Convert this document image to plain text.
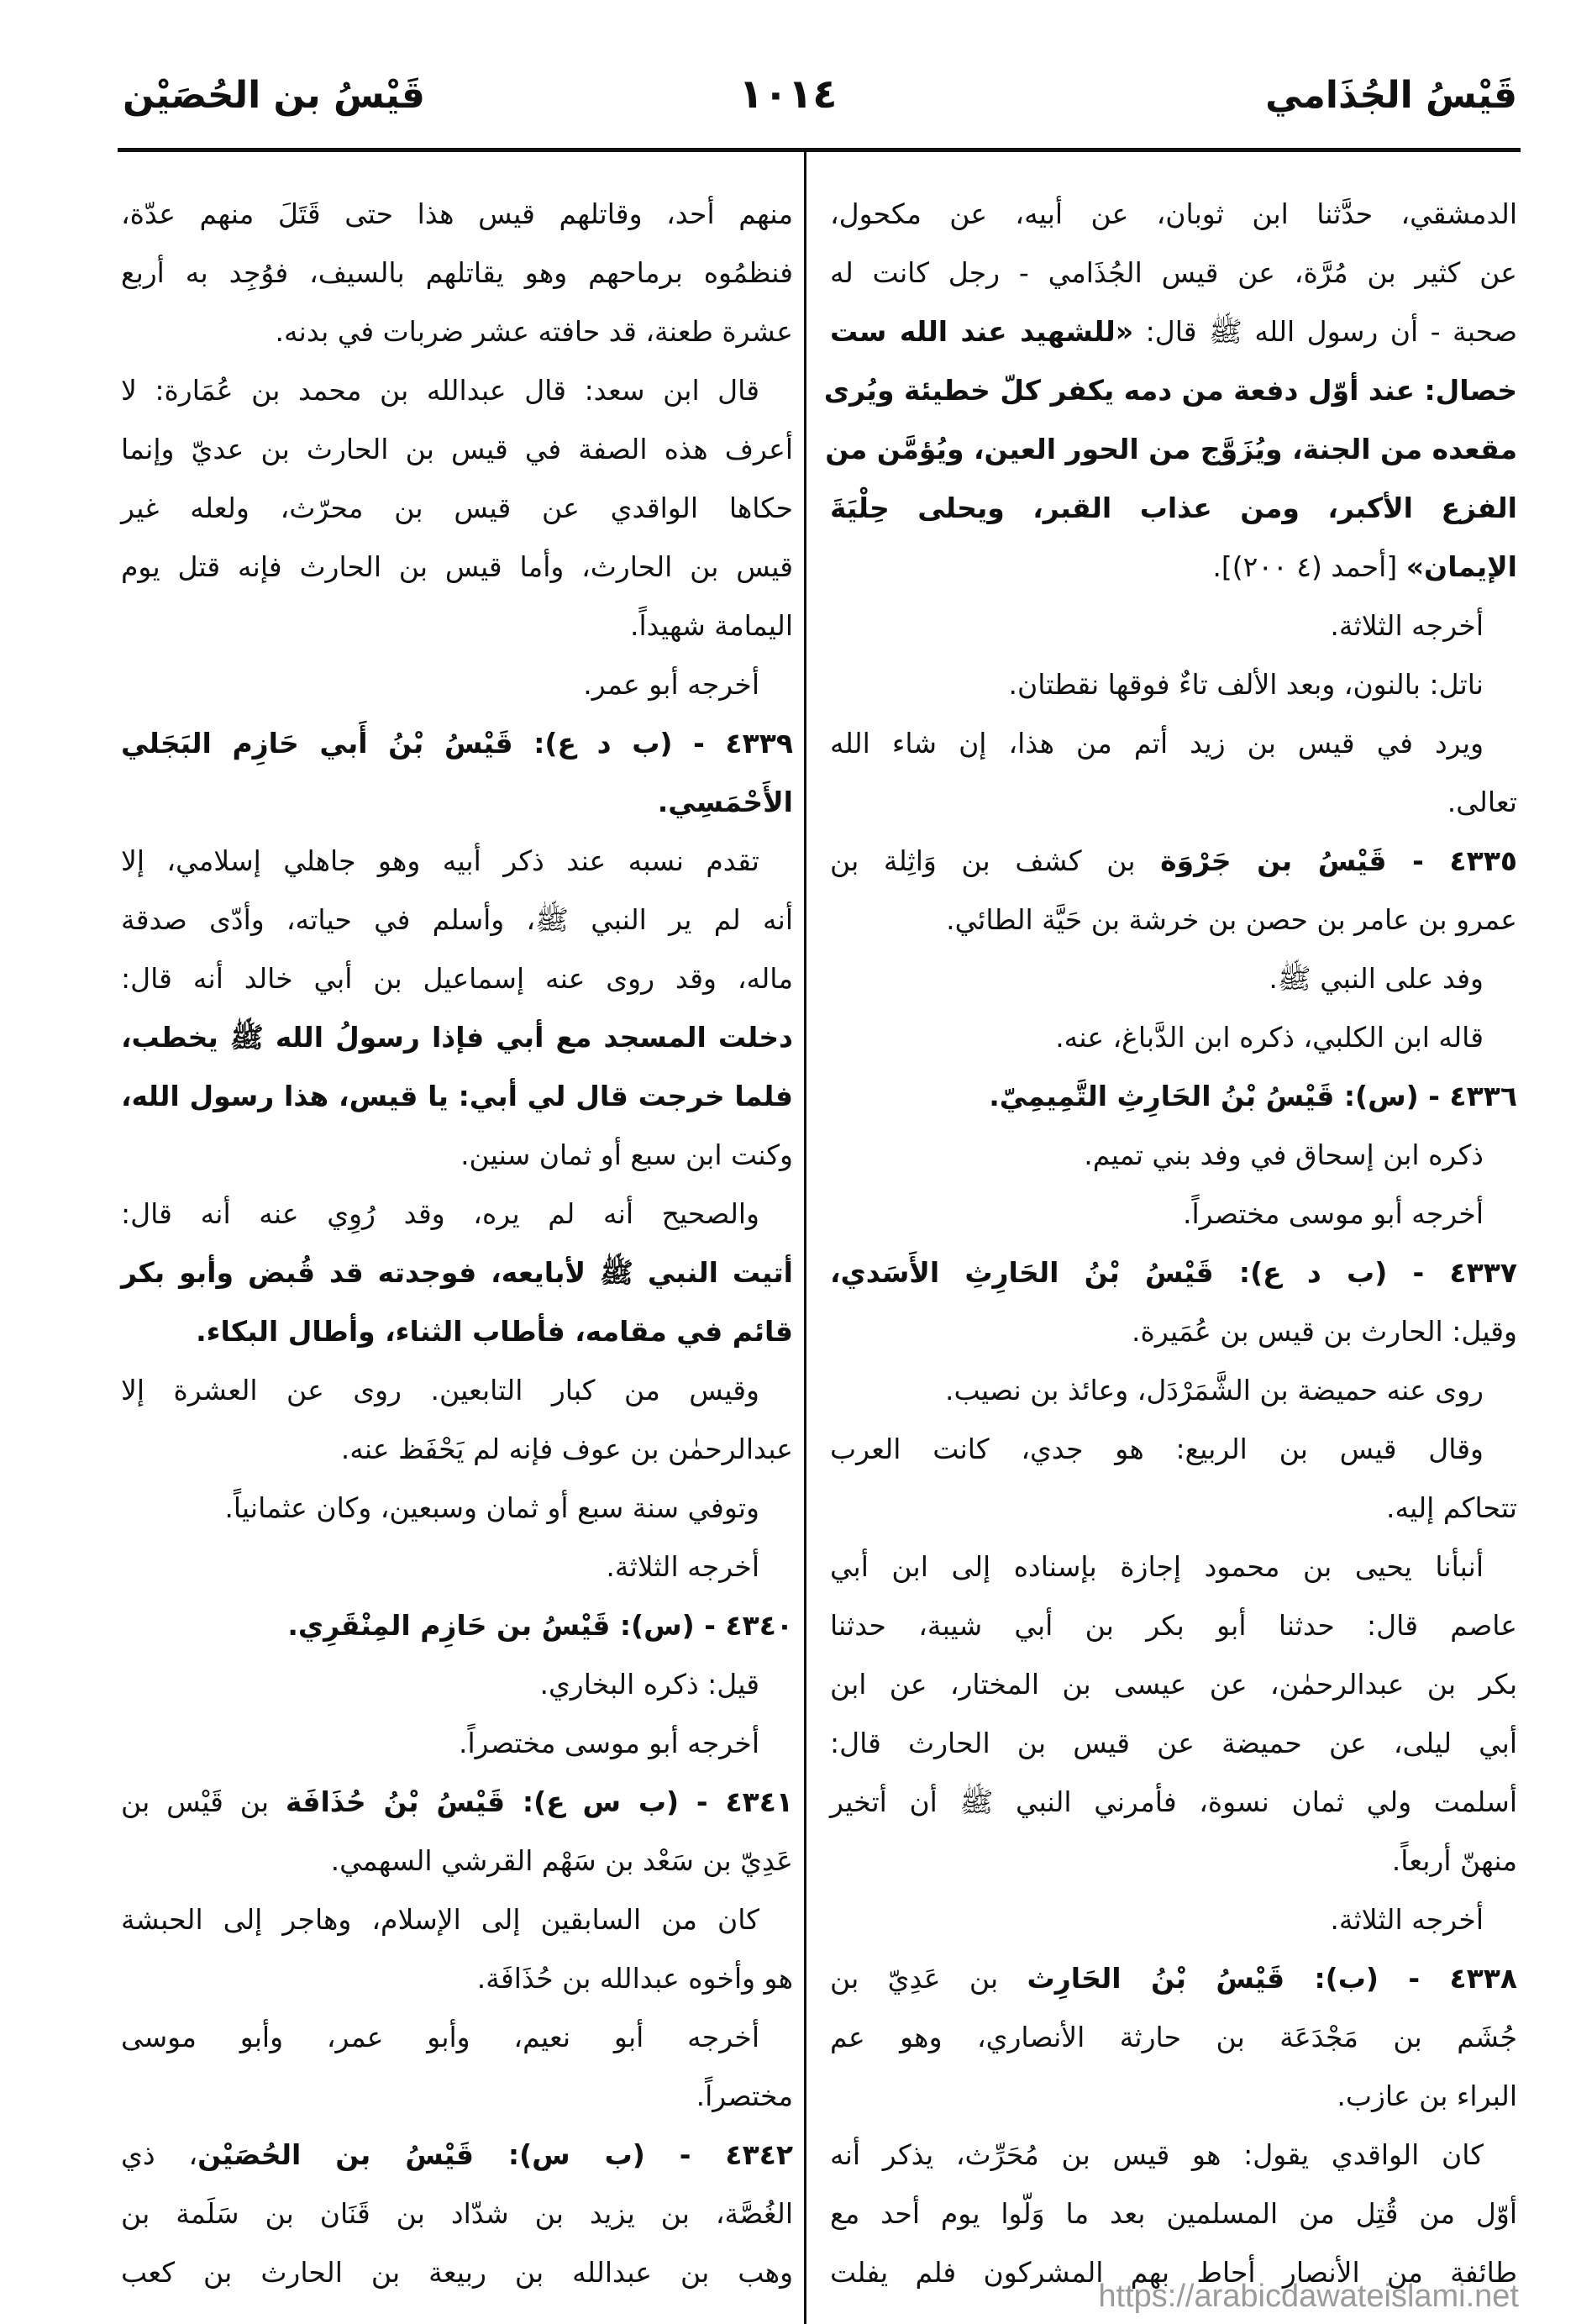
قَيْسُ الجُذَامي
١٠١٤
قَيْسُ بن الحُصَيْن
الدمشقي، حدَّثنا ابن ثوبان، عن أبيه، عن مكحول،
عن كثير بن مُرَّة، عن قيس الجُذَامي - رجل كانت له
صحبة - أن رسول الله ﷺ قال: «للشهيد عند الله ست
خصال: عند أوّل دفعة من دمه يكفر كلّ خطيئة ويُرى
مقعده من الجنة، ويُزَوَّج من الحور العين، ويُؤمَّن من
الفزع الأكبر، ومن عذاب القبر، ويحلى حِلْيَةَ
الإيمان» [أحمد (٤ ٢٠٠)].
أخرجه الثلاثة.
ناتل: بالنون، وبعد الألف تاءٌ فوقها نقطتان.
ويرد في قيس بن زيد أتم من هذا، إن شاء الله
تعالى.
٤٣٣٥ - قَيْسُ بن جَرْوَة بن كشف بن وَاثِلة بن
عمرو بن عامر بن حصن بن خرشة بن حَيَّة الطائي.
وفد على النبي ﷺ.
قاله ابن الكلبي، ذكره ابن الدَّباغ، عنه.
٤٣٣٦ - (س): قَيْسُ بْنُ الحَارِثِ التَّمِيمِيّ.
ذكره ابن إسحاق في وفد بني تميم.
أخرجه أبو موسى مختصراً.
٤٣٣٧ - (ب د ع): قَيْسُ بْنُ الحَارِثِ الأَسَدي،
وقيل: الحارث بن قيس بن عُمَيرة.
روى عنه حميضة بن الشَّمَرْدَل، وعائذ بن نصيب.
وقال قيس بن الربيع: هو جدي، كانت العرب
تتحاكم إليه.
أنبأنا يحيى بن محمود إجازة بإسناده إلى ابن أبي
عاصم قال: حدثنا أبو بكر بن أبي شيبة، حدثنا
بكر بن عبدالرحمٰن، عن عيسى بن المختار، عن ابن
أبي ليلى، عن حميضة عن قيس بن الحارث قال:
أسلمت ولي ثمان نسوة، فأمرني النبي ﷺ أن أتخير
منهنّ أربعاً.
أخرجه الثلاثة.
٤٣٣٨ - (ب): قَيْسُ بْنُ الحَارِث بن عَدِيّ بن
جُشَم بن مَجْدَعَة بن حارثة الأنصاري، وهو عم
البراء بن عازب.
كان الواقدي يقول: هو قيس بن مُحَرِّث، يذكر أنه
أوّل من قُتِل من المسلمين بعد ما وَلّوا يوم أحد مع
طائفة من الأنصار أحاط بهم المشركون فلم يفلت
منهم أحد، وقاتلهم قيس هذا حتى قَتَلَ منهم عدّة،
فنظمُوه برماحهم وهو يقاتلهم بالسيف، فوُجِد به أربع
عشرة طعنة، قد حافته عشر ضربات في بدنه.
قال ابن سعد: قال عبدالله بن محمد بن عُمَارة: لا
أعرف هذه الصفة في قيس بن الحارث بن عديّ وإنما
حكاها الواقدي عن قيس بن محرّث، ولعله غير
قيس بن الحارث، وأما قيس بن الحارث فإنه قتل يوم
اليمامة شهيداً.
أخرجه أبو عمر.
٤٣٣٩ - (ب د ع): قَيْسُ بْنُ أَبي حَازِم البَجَلي
الأَحْمَسِي.
تقدم نسبه عند ذكر أبيه وهو جاهلي إسلامي، إلا
أنه لم ير النبي ﷺ، وأسلم في حياته، وأدّى صدقة
ماله، وقد روى عنه إسماعيل بن أبي خالد أنه قال:
دخلت المسجد مع أبي فإذا رسولُ الله ﷺ يخطب،
فلما خرجت قال لي أبي: يا قيس، هذا رسول الله،
وكنت ابن سبع أو ثمان سنين.
والصحيح أنه لم يره، وقد رُوِي عنه أنه قال:
أتيت النبي ﷺ لأبايعه، فوجدته قد قُبض وأبو بكر
قائم في مقامه، فأطاب الثناء، وأطال البكاء.
وقيس من كبار التابعين. روى عن العشرة إلا
عبدالرحمٰن بن عوف فإنه لم يَحْفَظ عنه.
وتوفي سنة سبع أو ثمان وسبعين، وكان عثمانياً.
أخرجه الثلاثة.
٤٣٤٠ - (س): قَيْسُ بن حَازِم المِنْقَرِي.
قيل: ذكره البخاري.
أخرجه أبو موسى مختصراً.
٤٣٤١ - (ب س ع): قَيْسُ بْنُ حُذَافَة بن قَيْس بن
عَدِيّ بن سَعْد بن سَهْم القرشي السهمي.
كان من السابقين إلى الإسلام، وهاجر إلى الحبشة
هو وأخوه عبدالله بن حُذَافَة.
أخرجه أبو نعيم، وأبو عمر، وأبو موسى
مختصراً.
٤٣٤٢ - (ب س): قَيْسُ بن الحُصَيْن، ذي
الغُصَّة، بن يزيد بن شدّاد بن قَنَان بن سَلَمة بن
وهب بن عبدالله بن ربيعة بن الحارث بن كعب
https://arabicdawateislami.net
